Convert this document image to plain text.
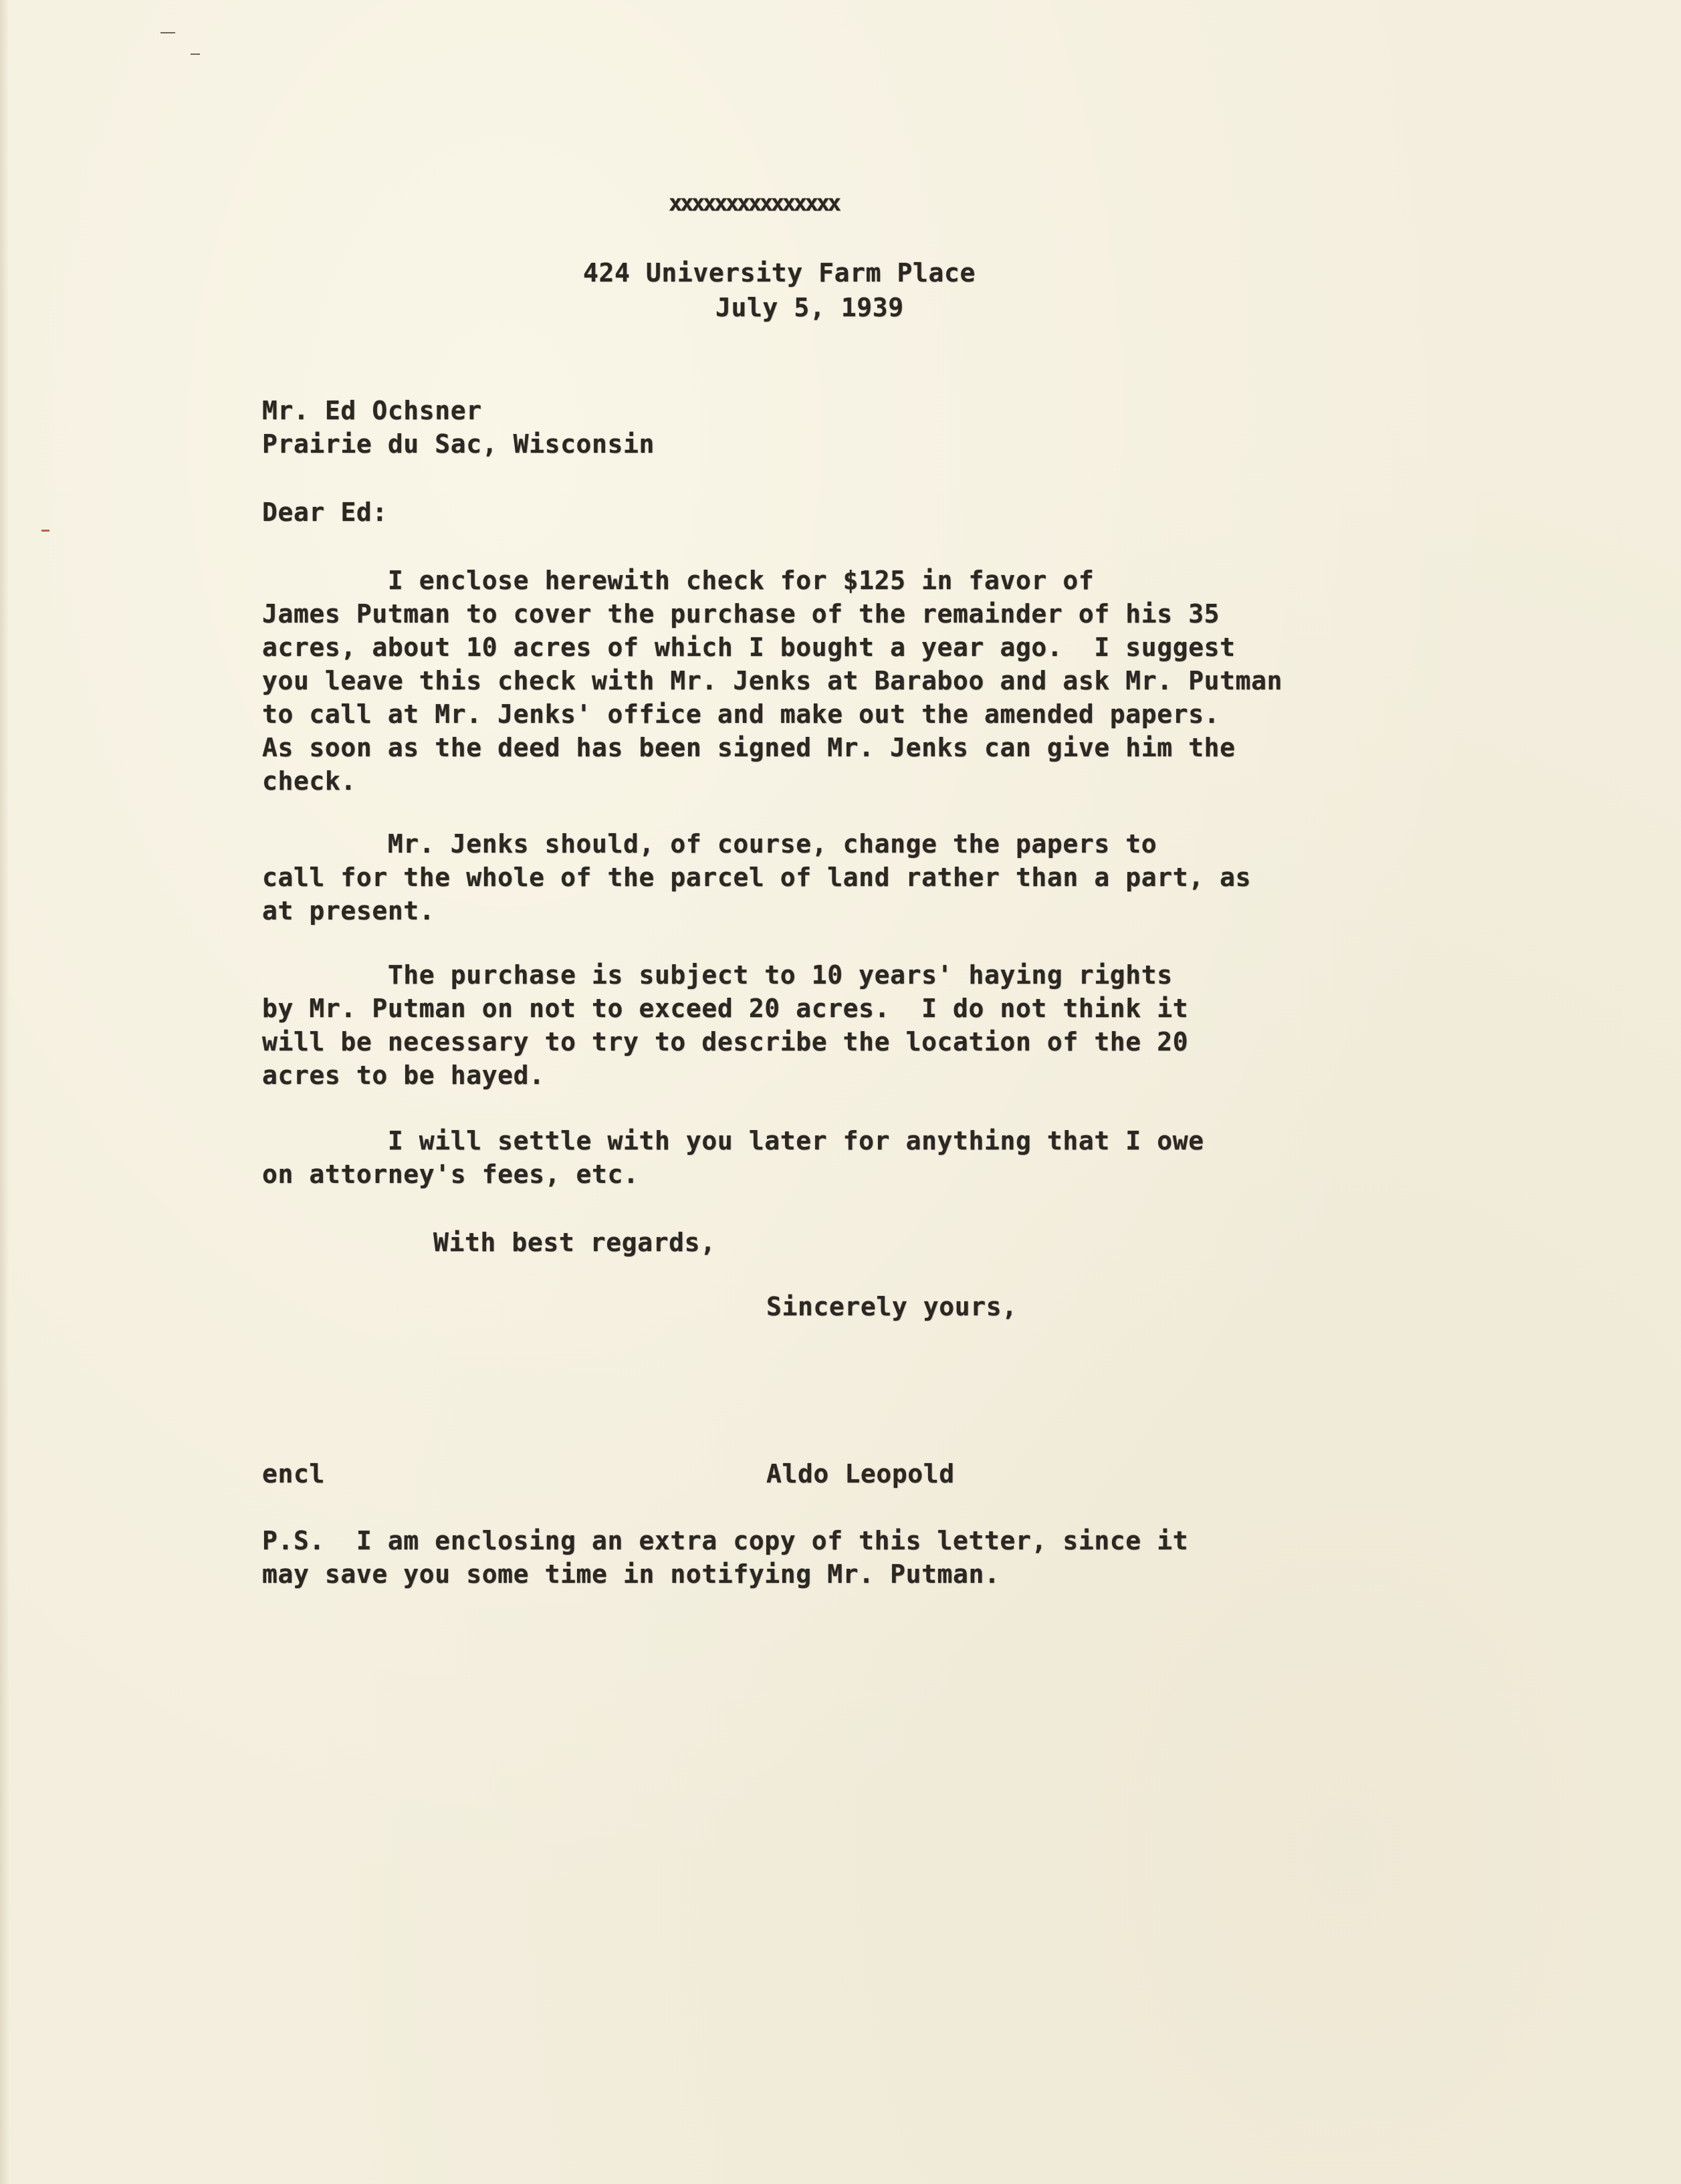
xxxxxxxxxxxxxxx
424 University Farm Place
July 5, 1939
Mr. Ed Ochsner
Prairie du Sac, Wisconsin
Dear Ed:
I enclose herewith check for $125 in favor of
James Putman to cover the purchase of the remainder of his 35
acres, about 10 acres of which I bought a year ago.  I suggest
you leave this check with Mr. Jenks at Baraboo and ask Mr. Putman
to call at Mr. Jenks' office and make out the amended papers.
As soon as the deed has been signed Mr. Jenks can give him the
check.
Mr. Jenks should, of course, change the papers to
call for the whole of the parcel of land rather than a part, as
at present.
The purchase is subject to 10 years' haying rights
by Mr. Putman on not to exceed 20 acres.  I do not think it
will be necessary to try to describe the location of the 20
acres to be hayed.
I will settle with you later for anything that I owe
on attorney's fees, etc.
With best regards,
Sincerely yours,
encl	Aldo Leopold
P.S.  I am enclosing an extra copy of this letter, since it
may save you some time in notifying Mr. Putman.
